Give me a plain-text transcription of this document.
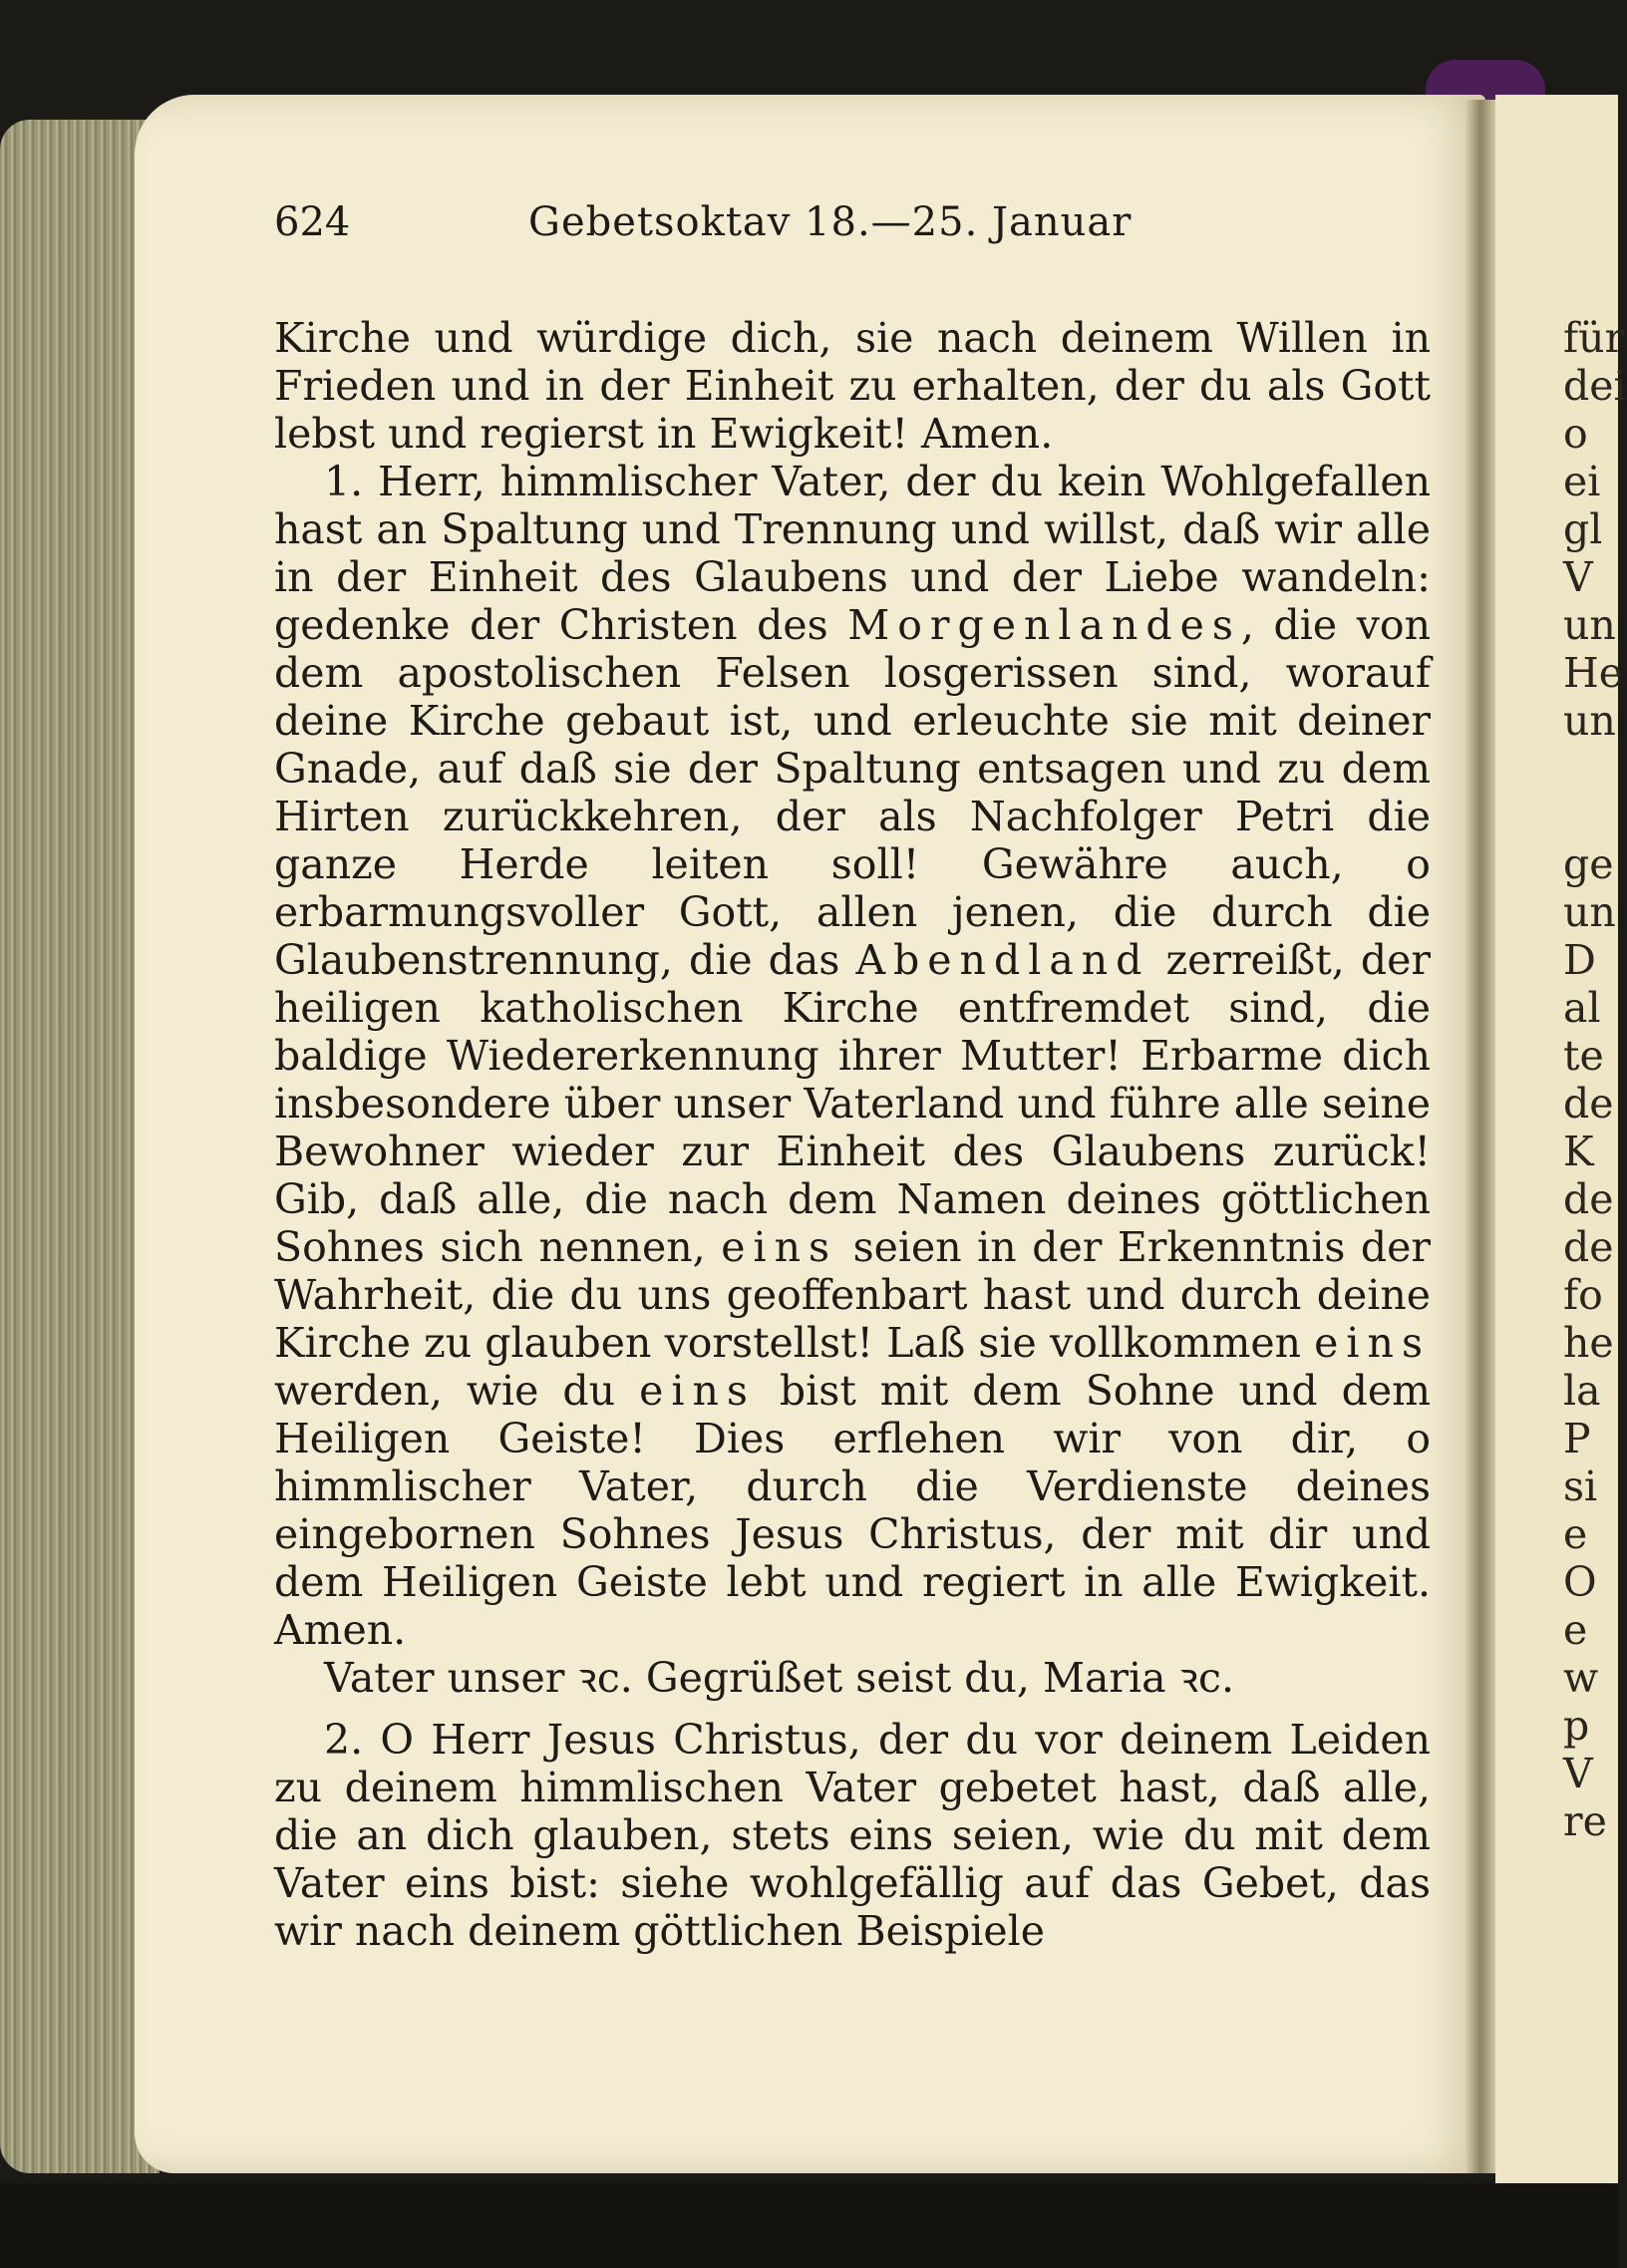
624	Gebetsoktav 18.—25. Januar

Kirche und würdige dich, sie nach deinem Willen in Frieden und in der Einheit zu erhalten, der du als Gott lebst und regierst in Ewigkeit! Amen.

1. Herr, himmlischer Vater, der du kein Wohlgefallen hast an Spaltung und Trennung und willst, daß wir alle in der Einheit des Glaubens und der Liebe wandeln: gedenke der Christen des Morgenlandes, die von dem apostolischen Felsen losgerissen sind, worauf deine Kirche gebaut ist, und erleuchte sie mit deiner Gnade, auf daß sie der Spaltung entsagen und zu dem Hirten zurückkehren, der als Nachfolger Petri die ganze Herde leiten soll! Gewähre auch, o erbarmungsvoller Gott, allen jenen, die durch die Glaubenstrennung, die das Abendland zerreißt, der heiligen katholischen Kirche entfremdet sind, die baldige Wiedererkennung ihrer Mutter! Erbarme dich insbesondere über unser Vaterland und führe alle seine Bewohner wieder zur Einheit des Glaubens zurück! Gib, daß alle, die nach dem Namen deines göttlichen Sohnes sich nennen, eins seien in der Erkenntnis der Wahrheit, die du uns geoffenbart hast und durch deine Kirche zu glauben vorstellst! Laß sie vollkommen eins werden, wie du eins bist mit dem Sohne und dem Heiligen Geiste! Dies erflehen wir von dir, o himmlischer Vater, durch die Verdienste deines eingebornen Sohnes Jesus Christus, der mit dir und dem Heiligen Geiste lebt und regiert in alle Ewigkeit. Amen.

Vater unser ꝛc. Gegrüßet seist du, Maria ꝛc.

2. O Herr Jesus Christus, der du vor deinem Leiden zu deinem himmlischen Vater gebetet hast, daß alle, die an dich glauben, stets eins seien, wie du mit dem Vater eins bist: siehe wohlgefällig auf das Gebet, das wir nach deinem göttlichen Beispiele

für
dei
o
ei
gl
V
un
He
un
ge
un
D
al
te
de
K
de
de
fo
he
la
P
si
e
O
e
w
p
V
re
